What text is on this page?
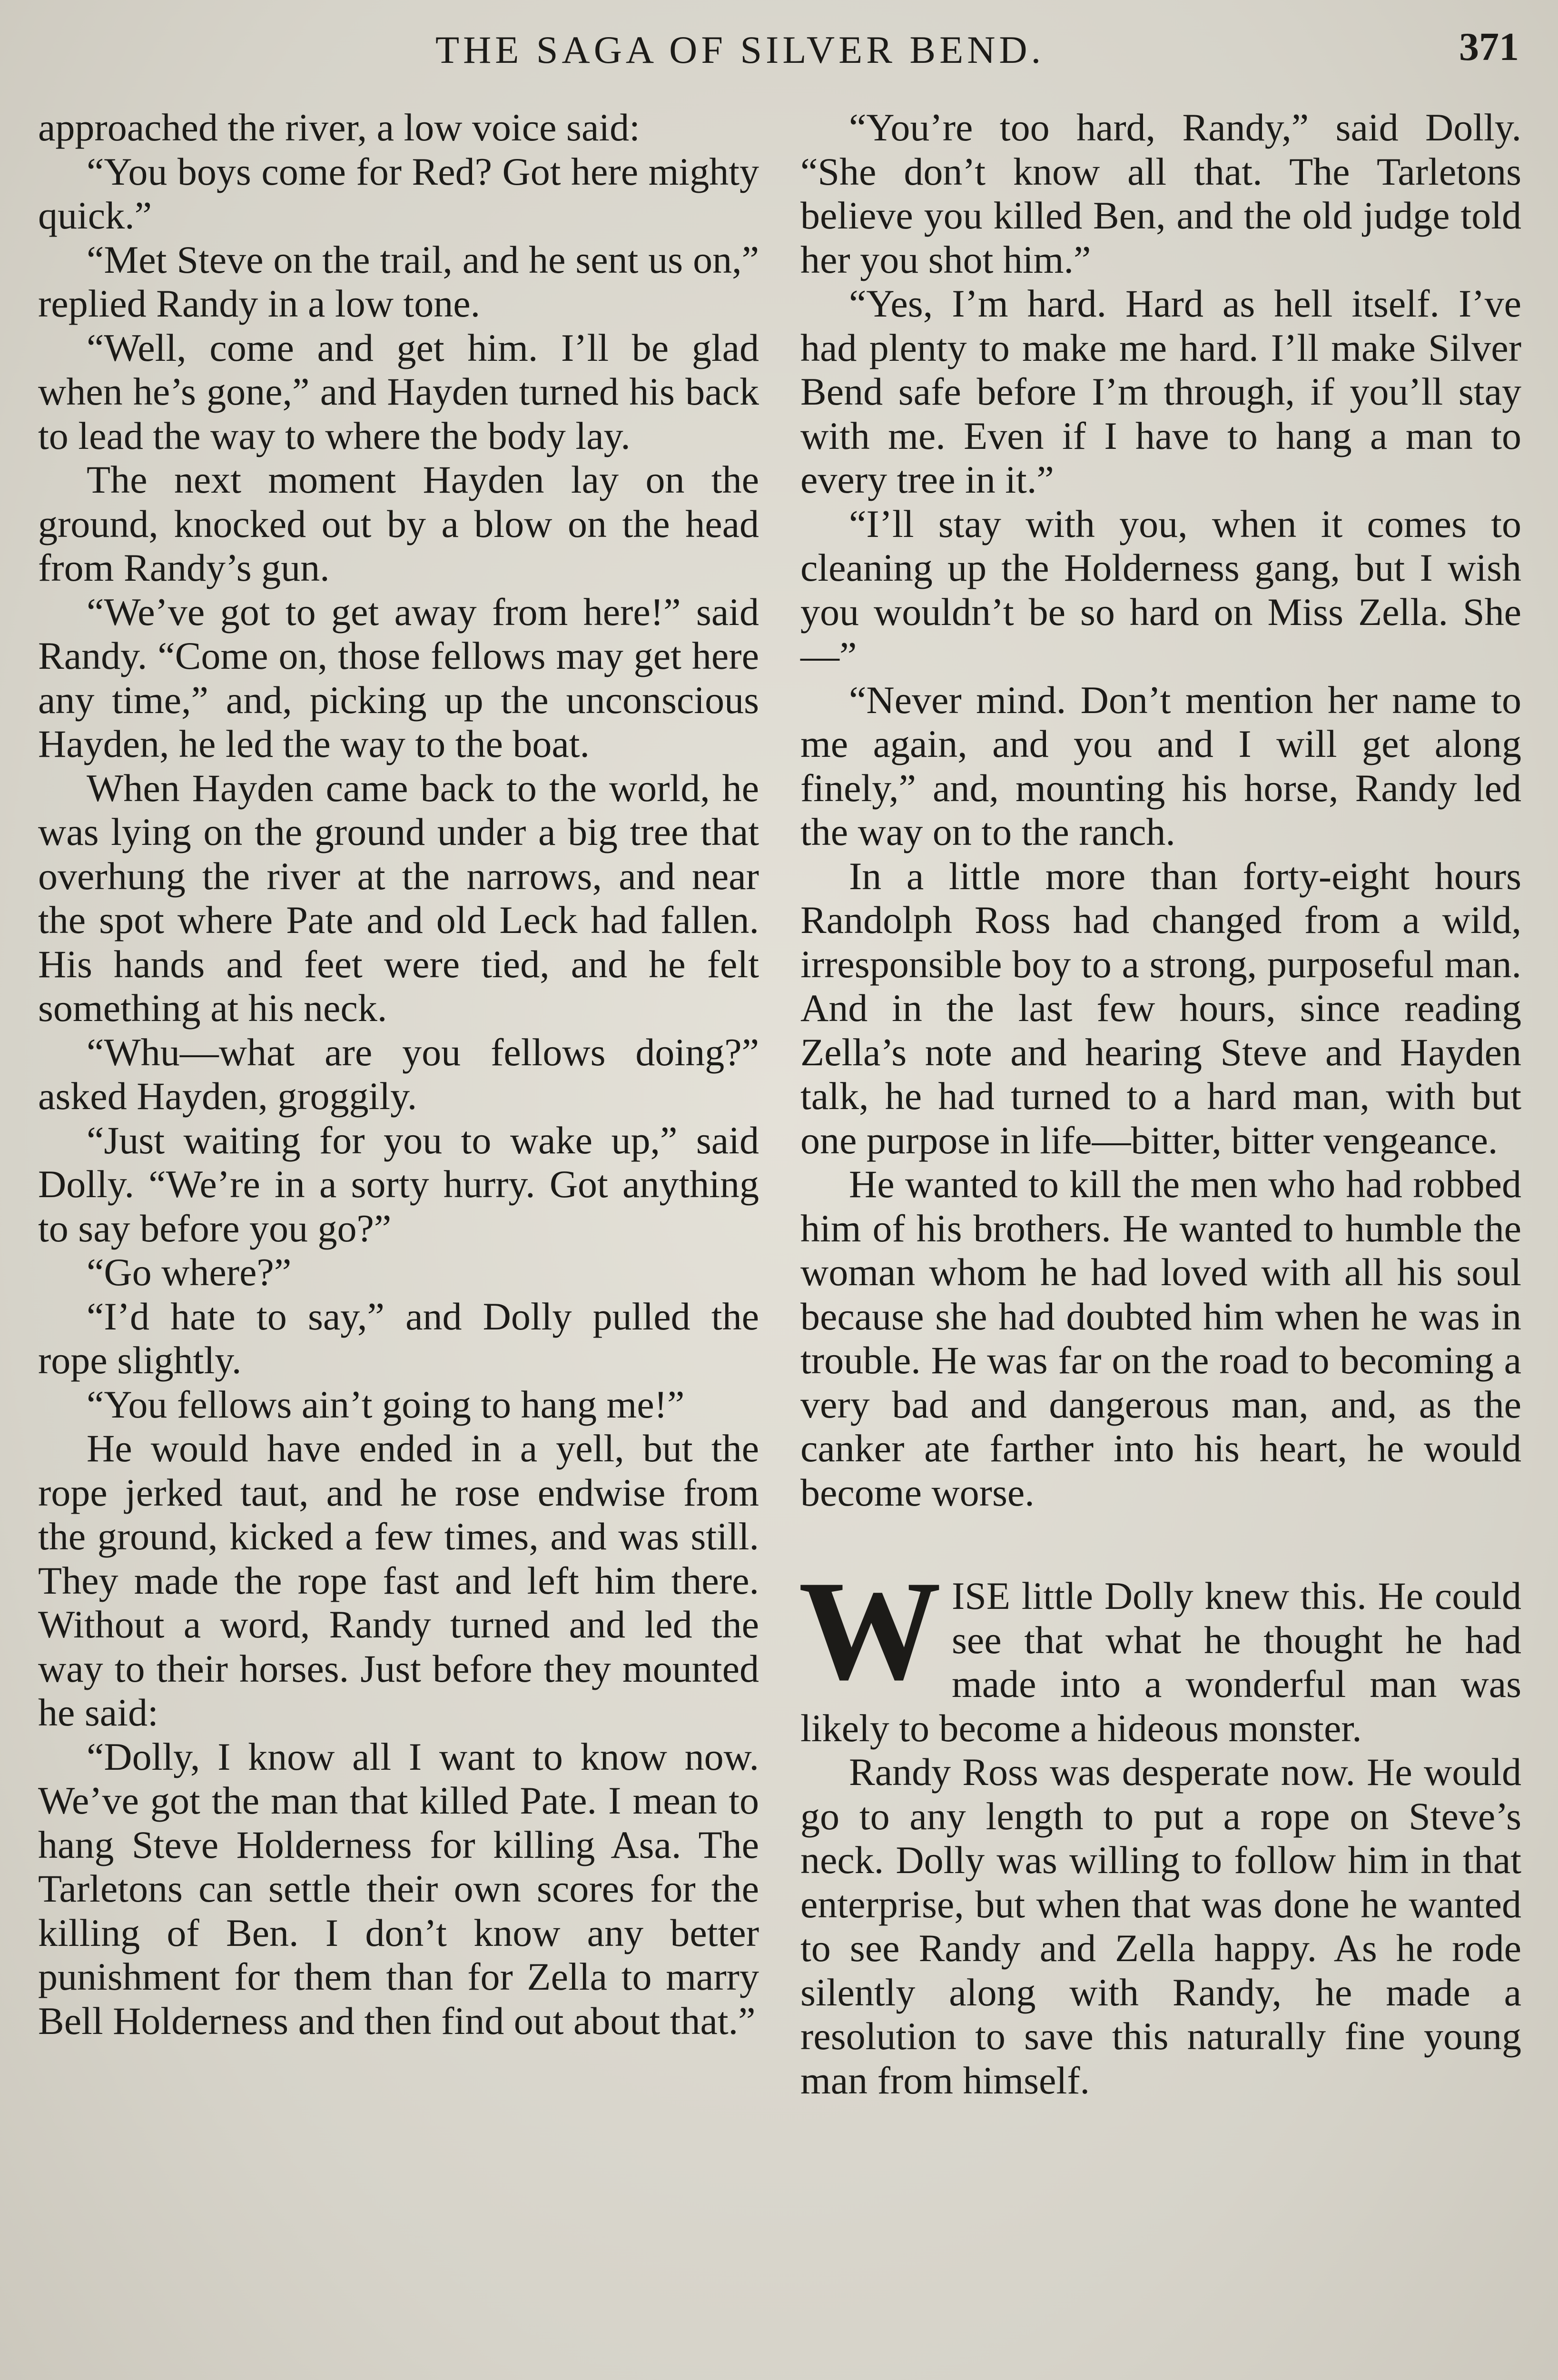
THE SAGA OF SILVER BEND.	371

approached the river, a low voice said:

“You boys come for Red? Got here mighty quick.”

“Met Steve on the trail, and he sent us on,” replied Randy in a low tone.

“Well, come and get him. I’ll be glad when he’s gone,” and Hayden turned his back to lead the way to where the body lay.

The next moment Hayden lay on the ground, knocked out by a blow on the head from Randy’s gun.

“We’ve got to get away from here!” said Randy. “Come on, those fellows may get here any time,” and, picking up the unconscious Hayden, he led the way to the boat.

When Hayden came back to the world, he was lying on the ground under a big tree that overhung the river at the narrows, and near the spot where Pate and old Leck had fallen. His hands and feet were tied, and he felt something at his neck.

“Whu—what are you fellows doing?” asked Hayden, groggily.

“Just waiting for you to wake up,” said Dolly. “We’re in a sorty hurry. Got anything to say before you go?”

“Go where?”

“I’d hate to say,” and Dolly pulled the rope slightly.

“You fellows ain’t going to hang me!”

He would have ended in a yell, but the rope jerked taut, and he rose endwise from the ground, kicked a few times, and was still. They made the rope fast and left him there. Without a word, Randy turned and led the way to their horses. Just before they mounted he said:

“Dolly, I know all I want to know now. We’ve got the man that killed Pate. I mean to hang Steve Holderness for killing Asa. The Tarletons can settle their own scores for the killing of Ben. I don’t know any better punishment for them than for Zella to marry Bell Holderness and then find out about that.”

“You’re too hard, Randy,” said Dolly. “She don’t know all that. The Tarletons believe you killed Ben, and the old judge told her you shot him.”

“Yes, I’m hard. Hard as hell itself. I’ve had plenty to make me hard. I’ll make Silver Bend safe before I’m through, if you’ll stay with me. Even if I have to hang a man to every tree in it.”

“I’ll stay with you, when it comes to cleaning up the Holderness gang, but I wish you wouldn’t be so hard on Miss Zella. She—”

“Never mind. Don’t mention her name to me again, and you and I will get along finely,” and, mounting his horse, Randy led the way on to the ranch.

In a little more than forty-eight hours Randolph Ross had changed from a wild, irresponsible boy to a strong, purposeful man. And in the last few hours, since reading Zella’s note and hearing Steve and Hayden talk, he had turned to a hard man, with but one purpose in life—bitter, bitter vengeance.

He wanted to kill the men who had robbed him of his brothers. He wanted to humble the woman whom he had loved with all his soul because she had doubted him when he was in trouble. He was far on the road to becoming a very bad and dangerous man, and, as the canker ate farther into his heart, he would become worse.

WISE little Dolly knew this. He could see that what he thought he had made into a wonderful man was likely to become a hideous monster.

Randy Ross was desperate now. He would go to any length to put a rope on Steve’s neck. Dolly was willing to follow him in that enterprise, but when that was done he wanted to see Randy and Zella happy. As he rode silently along with Randy, he made a resolution to save this naturally fine young man from himself.
